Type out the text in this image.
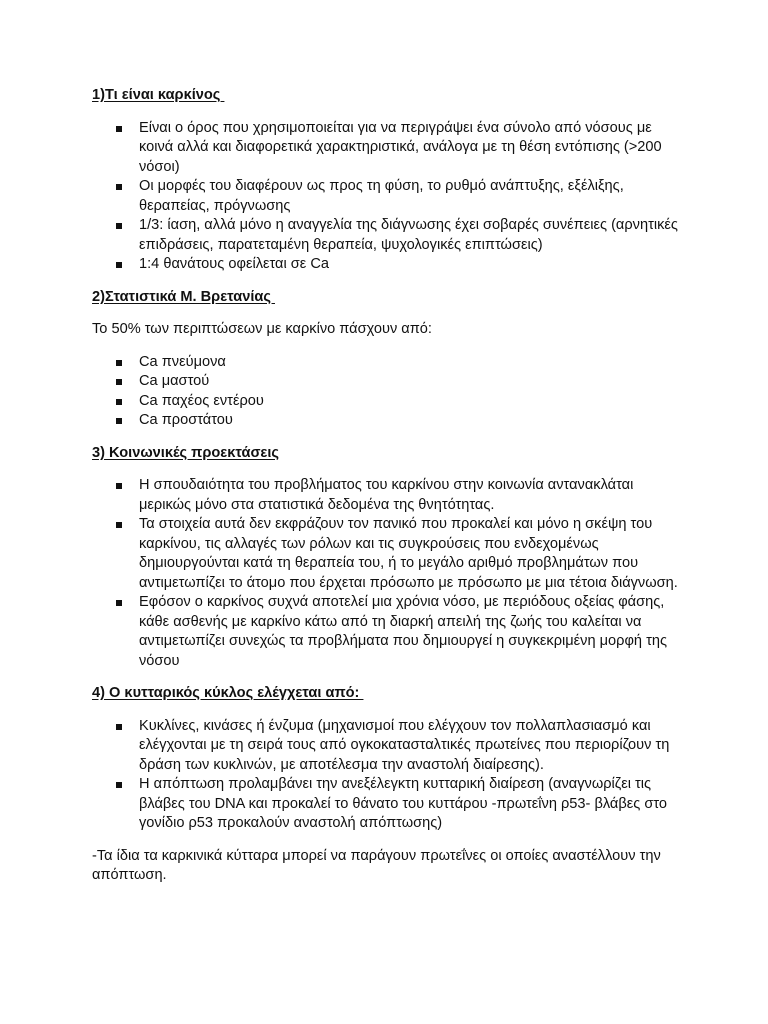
1)Τι είναι καρκίνος
Είναι ο όρος που χρησιμοποιείται για να περιγράψει ένα σύνολο από νόσους με κοινά αλλά και διαφορετικά χαρακτηριστικά, ανάλογα με τη θέση εντόπισης (>200 νόσοι)
Οι μορφές του διαφέρουν ως προς τη φύση, το ρυθμό ανάπτυξης, εξέλιξης, θεραπείας, πρόγνωσης
1/3: ίαση, αλλά μόνο η αναγγελία της διάγνωσης έχει σοβαρές συνέπειες (αρνητικές επιδράσεις, παρατεταμένη θεραπεία, ψυχολογικές επιπτώσεις)
1:4 θανάτους οφείλεται σε Ca
2)Στατιστικά Μ. Βρετανίας
Το 50% των περιπτώσεων με καρκίνο πάσχουν από:
Ca πνεύμονα
Ca μαστού
Ca παχέος εντέρου
Ca προστάτου
3) Κοινωνικές προεκτάσεις
Η σπουδαιότητα του προβλήματος του καρκίνου στην κοινωνία αντανακλάται μερικώς μόνο στα στατιστικά δεδομένα της θνητότητας.
Τα στοιχεία αυτά δεν εκφράζουν τον πανικό που προκαλεί και μόνο η σκέψη του καρκίνου, τις αλλαγές των ρόλων και τις συγκρούσεις που ενδεχομένως δημιουργούνται κατά τη θεραπεία του, ή το μεγάλο αριθμό προβλημάτων που αντιμετωπίζει το άτομο που έρχεται πρόσωπο με πρόσωπο με μια τέτοια διάγνωση.
Εφόσον ο καρκίνος συχνά αποτελεί μια χρόνια νόσο, με περιόδους οξείας φάσης, κάθε ασθενής με καρκίνο κάτω από τη διαρκή απειλή της ζωής του καλείται να αντιμετωπίζει συνεχώς τα προβλήματα που δημιουργεί η συγκεκριμένη μορφή της νόσου
4) Ο κυτταρικός κύκλος ελέγχεται από:
Κυκλίνες, κινάσες ή ένζυμα (μηχανισμοί που ελέγχουν τον πολλαπλασιασμό και ελέγχονται με τη σειρά τους από ογκοκατασταλτικές πρωτείνες που περιορίζουν τη δράση των κυκλινών, με αποτέλεσμα την αναστολή διαίρεσης).
Η απόπτωση προλαμβάνει την ανεξέλεγκτη κυτταρική διαίρεση (αναγνωρίζει τις βλάβες του DNA και προκαλεί το θάνατο του κυττάρου -πρωτεΐνη ρ53- βλάβες στο γονίδιο ρ53 προκαλούν αναστολή απόπτωσης)
-Τα ίδια τα καρκινικά κύτταρα μπορεί να παράγουν πρωτεΐνες οι οποίες αναστέλλουν την απόπτωση.
